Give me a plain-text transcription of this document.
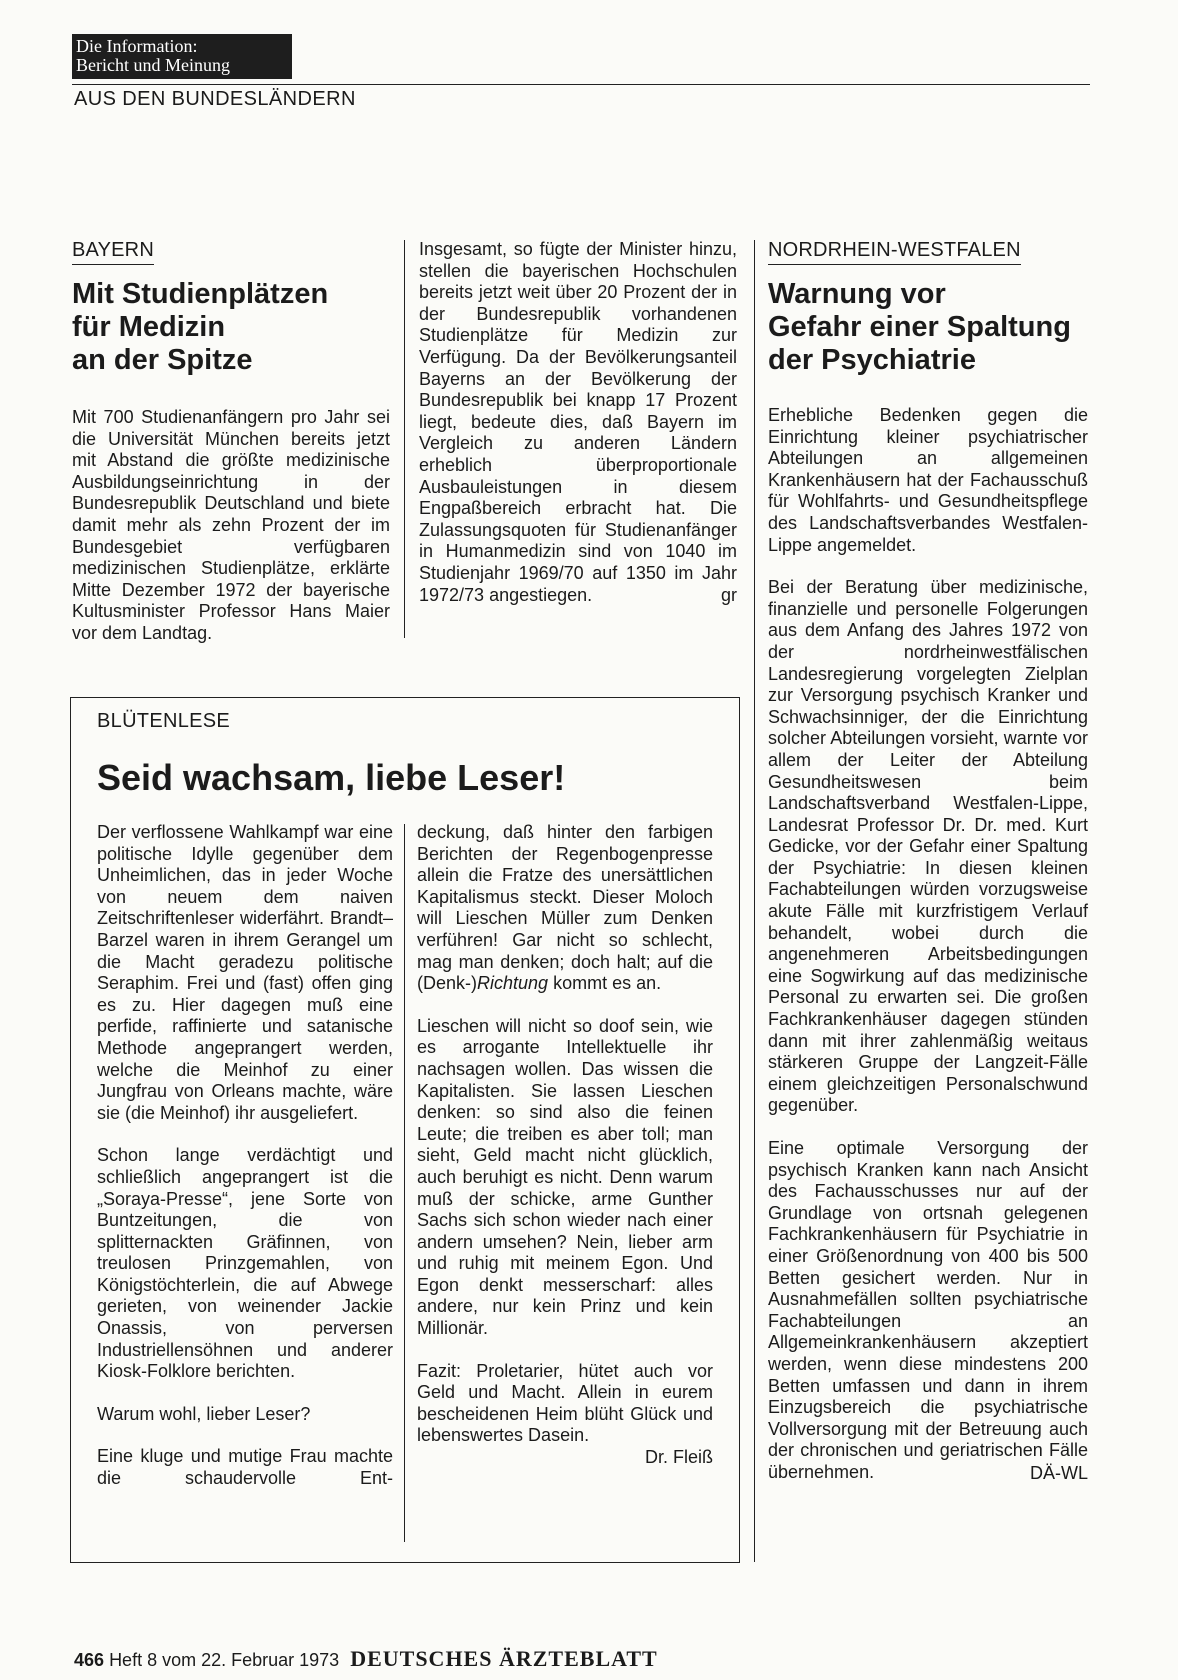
Die Information:
Bericht und Meinung
AUS DEN BUNDESLÄNDERN
BAYERN
Mit Studienplätzen
für Medizin
an der Spitze
Mit 700 Studienanfängern pro Jahr sei die Universität München bereits jetzt mit Abstand die größte medizinische Ausbildungseinrichtung in der Bundesrepublik Deutschland und biete damit mehr als zehn Prozent der im Bundesgebiet verfügbaren medizinischen Studienplätze, erklärte Mitte Dezember 1972 der bayerische Kultusminister Professor Hans Maier vor dem Landtag.

Insgesamt, so fügte der Minister hinzu, stellen die bayerischen Hochschulen bereits jetzt weit über 20 Prozent der in der Bundesrepublik vorhandenen Studienplätze für Medizin zur Verfügung. Da der Bevölkerungsanteil Bayerns an der Bevölkerung der Bundesrepublik bei knapp 17 Prozent liegt, bedeute dies, daß Bayern im Vergleich zu anderen Ländern erheblich überproportionale Ausbauleistungen in diesem Engpaßbereich erbracht hat. Die Zulassungsquoten für Studienanfänger in Humanmedizin sind von 1040 im Studienjahr 1969/70 auf 1350 im Jahr 1972/73 angestiegen.	gr

NORDRHEIN-WESTFALEN
Warnung vor
Gefahr einer Spaltung
der Psychiatrie

Erhebliche Bedenken gegen die Einrichtung kleiner psychiatrischer Abteilungen an allgemeinen Krankenhäusern hat der Fachausschuß für Wohlfahrts- und Gesundheitspflege des Landschaftsverbandes Westfalen-Lippe angemeldet.

Bei der Beratung über medizinische, finanzielle und personelle Folgerungen aus dem Anfang des Jahres 1972 von der nordrheinwestfälischen Landesregierung vorgelegten Zielplan zur Versorgung psychisch Kranker und Schwachsinniger, der die Einrichtung solcher Abteilungen vorsieht, warnte vor allem der Leiter der Abteilung Gesundheitswesen beim Landschaftsverband Westfalen-Lippe, Landesrat Professor Dr. Dr. med. Kurt Gedicke, vor der Gefahr einer Spaltung der Psychiatrie: In diesen kleinen Fachabteilungen würden vorzugsweise akute Fälle mit kurzfristigem Verlauf behandelt, wobei durch die angenehmeren Arbeitsbedingungen eine Sogwirkung auf das medizinische Personal zu erwarten sei. Die großen Fachkrankenhäuser dagegen stünden dann mit ihrer zahlenmäßig weitaus stärkeren Gruppe der Langzeit-Fälle einem gleichzeitigen Personalschwund gegenüber.

Eine optimale Versorgung der psychisch Kranken kann nach Ansicht des Fachausschusses nur auf der Grundlage von ortsnah gelegenen Fachkrankenhäusern für Psychiatrie in einer Größenordnung von 400 bis 500 Betten gesichert werden. Nur in Ausnahmefällen sollten psychiatrische Fachabteilungen an Allgemeinkrankenhäusern akzeptiert werden, wenn diese mindestens 200 Betten umfassen und dann in ihrem Einzugsbereich die psychiatrische Vollversorgung mit der Betreuung auch der chronischen und geriatrischen Fälle übernehmen.	DÄ-WL

BLÜTENLESE
Seid wachsam, liebe Leser!

Der verflossene Wahlkampf war eine politische Idylle gegenüber dem Unheimlichen, das in jeder Woche von neuem dem naiven Zeitschriftenleser widerfährt. Brandt–Barzel waren in ihrem Gerangel um die Macht geradezu politische Seraphim. Frei und (fast) offen ging es zu. Hier dagegen muß eine perfide, raffinierte und satanische Methode angeprangert werden, welche die Meinhof zu einer Jungfrau von Orleans machte, wäre sie (die Meinhof) ihr ausgeliefert.

Schon lange verdächtigt und schließlich angeprangert ist die „Soraya-Presse“, jene Sorte von Buntzeitungen, die von splitternackten Gräfinnen, von treulosen Prinzgemahlen, von Königstöchterlein, die auf Abwege gerieten, von weinender Jackie Onassis, von perversen Industriellensöhnen und anderer Kiosk-Folklore berichten.

Warum wohl, lieber Leser?

Eine kluge und mutige Frau machte die schaudervolle Ent-

deckung, daß hinter den farbigen Berichten der Regenbogenpresse allein die Fratze des unersättlichen Kapitalismus steckt. Dieser Moloch will Lieschen Müller zum Denken verführen! Gar nicht so schlecht, mag man denken; doch halt; auf die (Denk-)Richtung kommt es an.

Lieschen will nicht so doof sein, wie es arrogante Intellektuelle ihr nachsagen wollen. Das wissen die Kapitalisten. Sie lassen Lieschen denken: so sind also die feinen Leute; die treiben es aber toll; man sieht, Geld macht nicht glücklich, auch beruhigt es nicht. Denn warum muß der schicke, arme Gunther Sachs sich schon wieder nach einer andern umsehen? Nein, lieber arm und ruhig mit meinem Egon. Und Egon denkt messerscharf: alles andere, nur kein Prinz und kein Millionär.

Fazit: Proletarier, hütet auch vor Geld und Macht. Allein in eurem bescheidenen Heim blüht Glück und lebenswertes Dasein.

Dr. Fleiß

466 Heft 8 vom 22. Februar 1973 DEUTSCHES ÄRZTEBLATT
